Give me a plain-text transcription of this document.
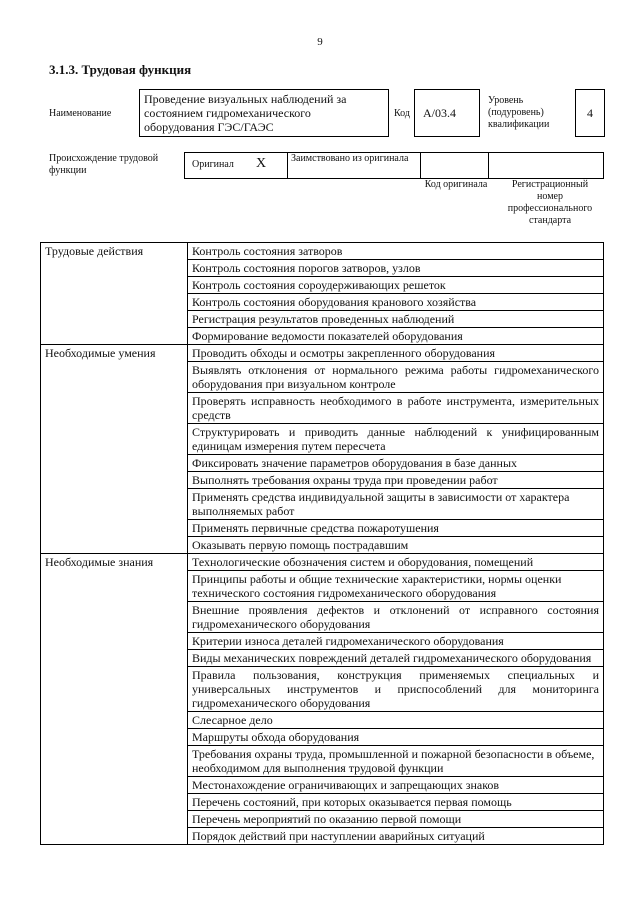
9
3.1.3. Трудовая функция
Наименование
Проведение визуальных наблюдений за состоянием гидромеханического оборудования ГЭС/ГАЭС
Код	А/03.4
Уровень (подуровень) квалификации
4
Происхождение трудовой функции
Оригинал X Заимствовано из оригинала
Код оригинала	Регистрационный номер профессионального стандарта
Трудовые действия	Контроль состояния затворов
	Контроль состояния порогов затворов, узлов
	Контроль состояния сороудерживающих решеток
	Контроль состояния оборудования кранового хозяйства
	Регистрация результатов проведенных наблюдений
	Формирование ведомости показателей оборудования
Необходимые умения	Проводить обходы и осмотры закрепленного оборудования
	Выявлять отклонения от нормального режима работы гидромеханического оборудования при визуальном контроле
	Проверять исправность необходимого в работе инструмента, измерительных средств
	Структурировать и приводить данные наблюдений к унифицированным единицам измерения путем пересчета
	Фиксировать значение параметров оборудования в базе данных
	Выполнять требования охраны труда при проведении работ
	Применять средства индивидуальной защиты в зависимости от характера выполняемых работ
	Применять первичные средства пожаротушения
	Оказывать первую помощь пострадавшим
Необходимые знания	Технологические обозначения систем и оборудования, помещений
	Принципы работы и общие технические характеристики, нормы оценки технического состояния гидромеханического оборудования
	Внешние проявления дефектов и отклонений от исправного состояния гидромеханического оборудования
	Критерии износа деталей гидромеханического оборудования
	Виды механических повреждений деталей гидромеханического оборудования
	Правила пользования, конструкция применяемых специальных и универсальных инструментов и приспособлений для мониторинга гидромеханического оборудования
	Слесарное дело
	Маршруты обхода оборудования
	Требования охраны труда, промышленной и пожарной безопасности в объеме, необходимом для выполнения трудовой функции
	Местонахождение ограничивающих и запрещающих знаков
	Перечень состояний, при которых оказывается первая помощь
	Перечень мероприятий по оказанию первой помощи
	Порядок действий при наступлении аварийных ситуаций
